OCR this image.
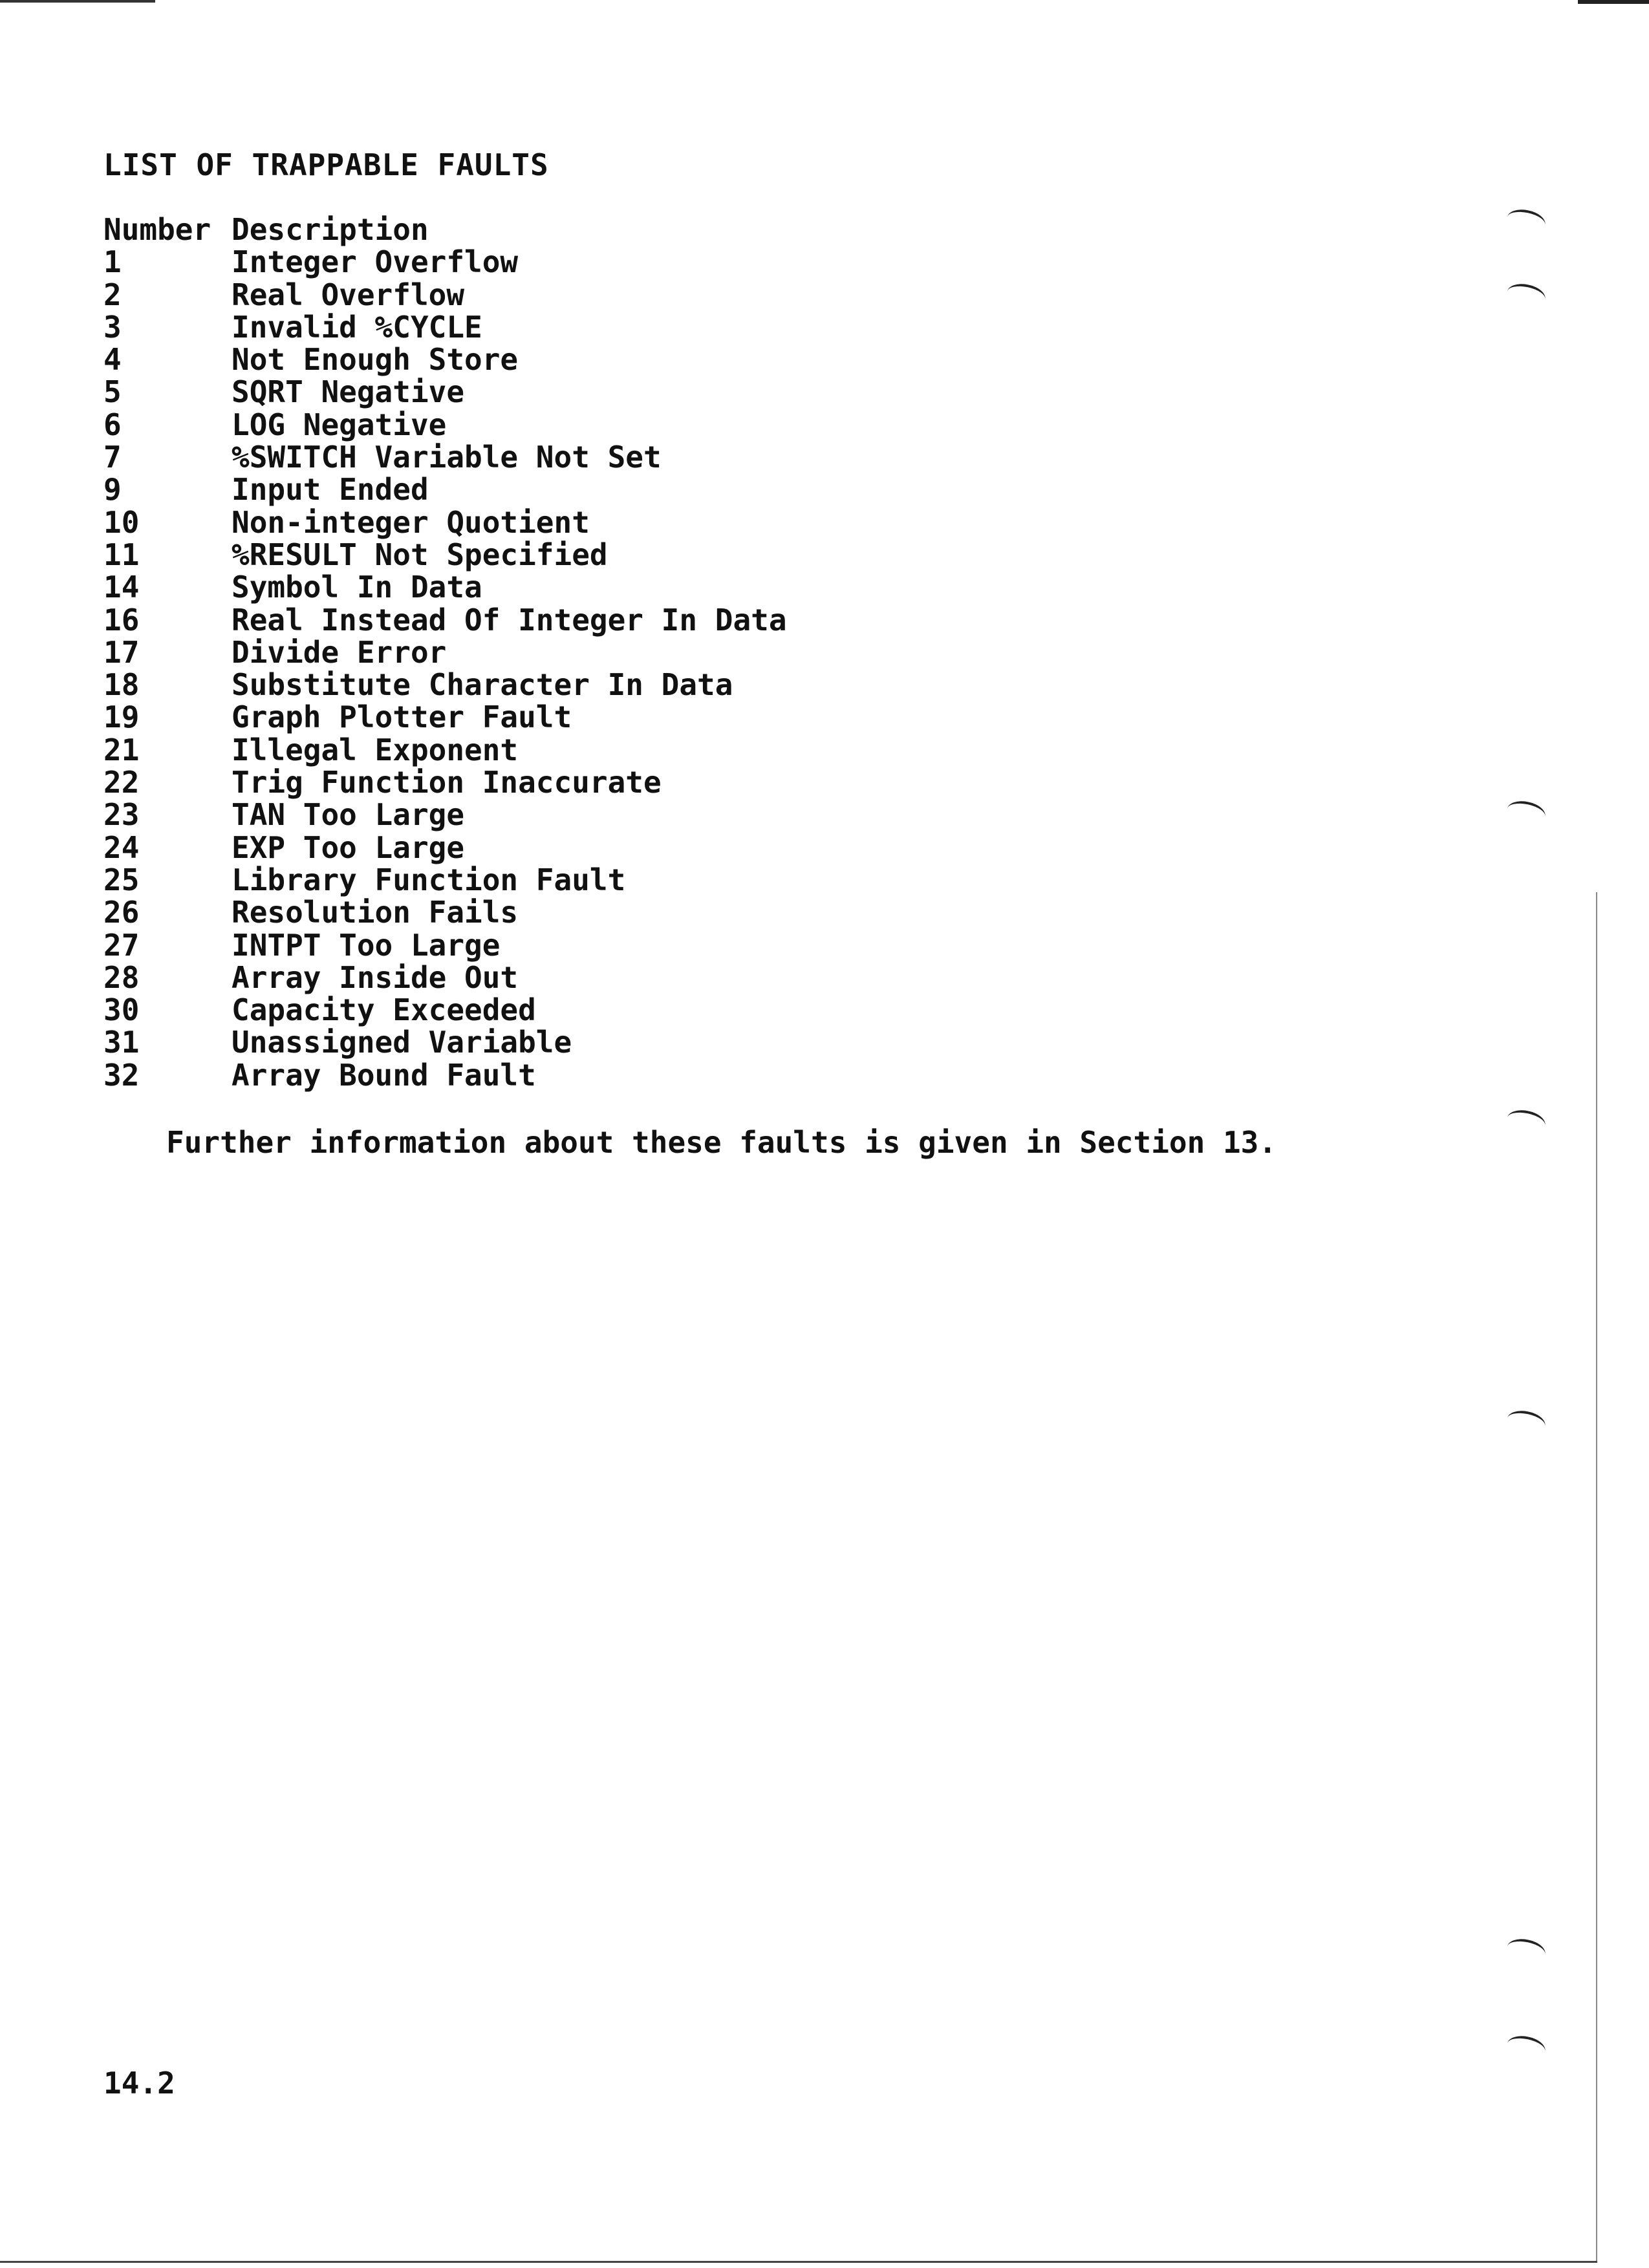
LIST OF TRAPPABLE FAULTS
Number Description
1	Integer Overflow
2	Real Overflow
3	Invalid %CYCLE
4	Not Enough Store
5	SQRT Negative
6	LOG Negative
7	%SWITCH Variable Not Set
9	Input Ended
10	Non-integer Quotient
11	%RESULT Not Specified
14	Symbol In Data
16	Real Instead Of Integer In Data
17	Divide Error
18	Substitute Character In Data
19	Graph Plotter Fault
21	Illegal Exponent
22	Trig Function Inaccurate
23	TAN Too Large
24	EXP Too Large
25	Library Function Fault
26	Resolution Fails
27	INTPT Too Large
28	Array Inside Out
30	Capacity Exceeded
31	Unassigned Variable
32	Array Bound Fault
Further information about these faults is given in Section 13.
14.2
